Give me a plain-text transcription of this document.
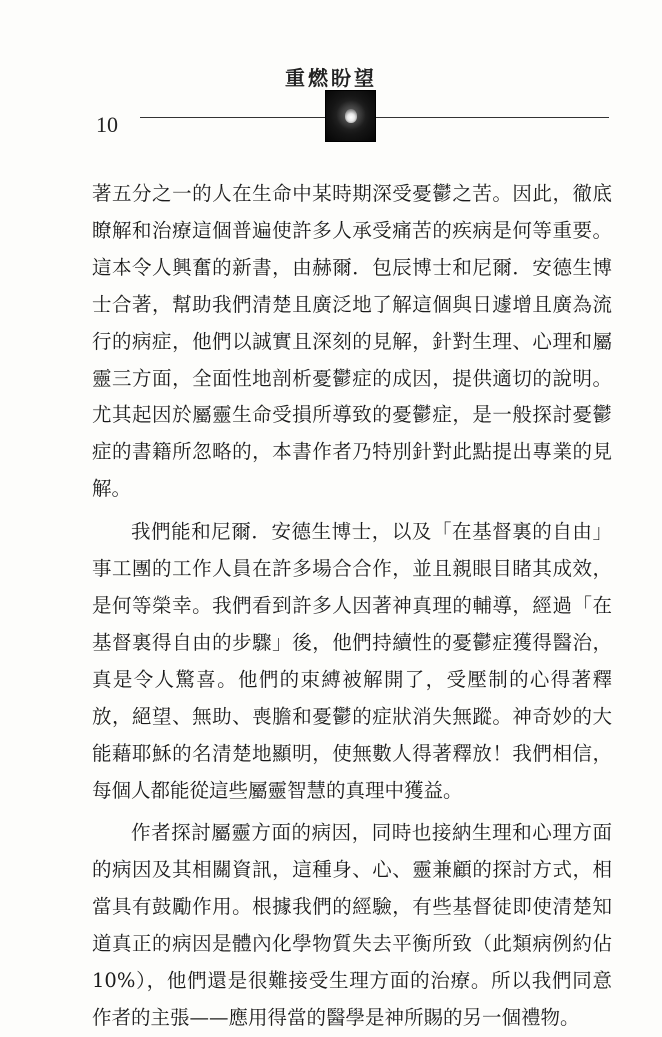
重燃盼望
10

著五分之一的人在生命中某時期深受憂鬱之苦。因此，徹底瞭解和治療這個普遍使許多人承受痛苦的疾病是何等重要。這本令人興奮的新書，由赫爾．包辰博士和尼爾．安德生博士合著，幫助我們清楚且廣泛地了解這個與日遽增且廣為流行的病症，他們以誠實且深刻的見解，針對生理、心理和屬靈三方面，全面性地剖析憂鬱症的成因，提供適切的說明。尤其起因於屬靈生命受損所導致的憂鬱症，是一般探討憂鬱症的書籍所忽略的，本書作者乃特別針對此點提出專業的見解。

我們能和尼爾．安德生博士，以及「在基督裏的自由」事工團的工作人員在許多場合合作，並且親眼目睹其成效，是何等榮幸。我們看到許多人因著神真理的輔導，經過「在基督裏得自由的步驟」後，他們持續性的憂鬱症獲得醫治，真是令人驚喜。他們的束縛被解開了，受壓制的心得著釋放，絕望、無助、喪膽和憂鬱的症狀消失無蹤。神奇妙的大能藉耶穌的名清楚地顯明，使無數人得著釋放！我們相信，每個人都能從這些屬靈智慧的真理中獲益。

作者探討屬靈方面的病因，同時也接納生理和心理方面的病因及其相關資訊，這種身、心、靈兼顧的探討方式，相當具有鼓勵作用。根據我們的經驗，有些基督徒即使清楚知道真正的病因是體內化學物質失去平衡所致（此類病例約佔10%），他們還是很難接受生理方面的治療。所以我們同意作者的主張——應用得當的醫學是神所賜的另一個禮物。
